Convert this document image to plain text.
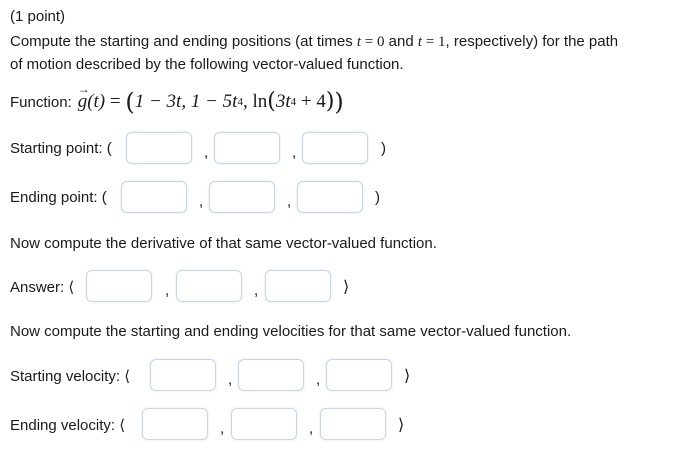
(1 point)
Compute the starting and ending positions (at times t = 0 and t = 1, respectively) for the path
of motion described by the following vector-valued function.
Function:
→
g (t) = ( 1 − 3t, 1 − 5t 4 , ln ( 3t 4 + 4 ) )
Starting point: (	,	,	)
Ending point: (	,	,	)
Now compute the derivative of that same vector-valued function.
Answer: ⟨	,	,	⟩
Now compute the starting and ending velocities for that same vector-valued function.
Starting velocity: ⟨	,	,	⟩
Ending velocity: ⟨	,	,	⟩
